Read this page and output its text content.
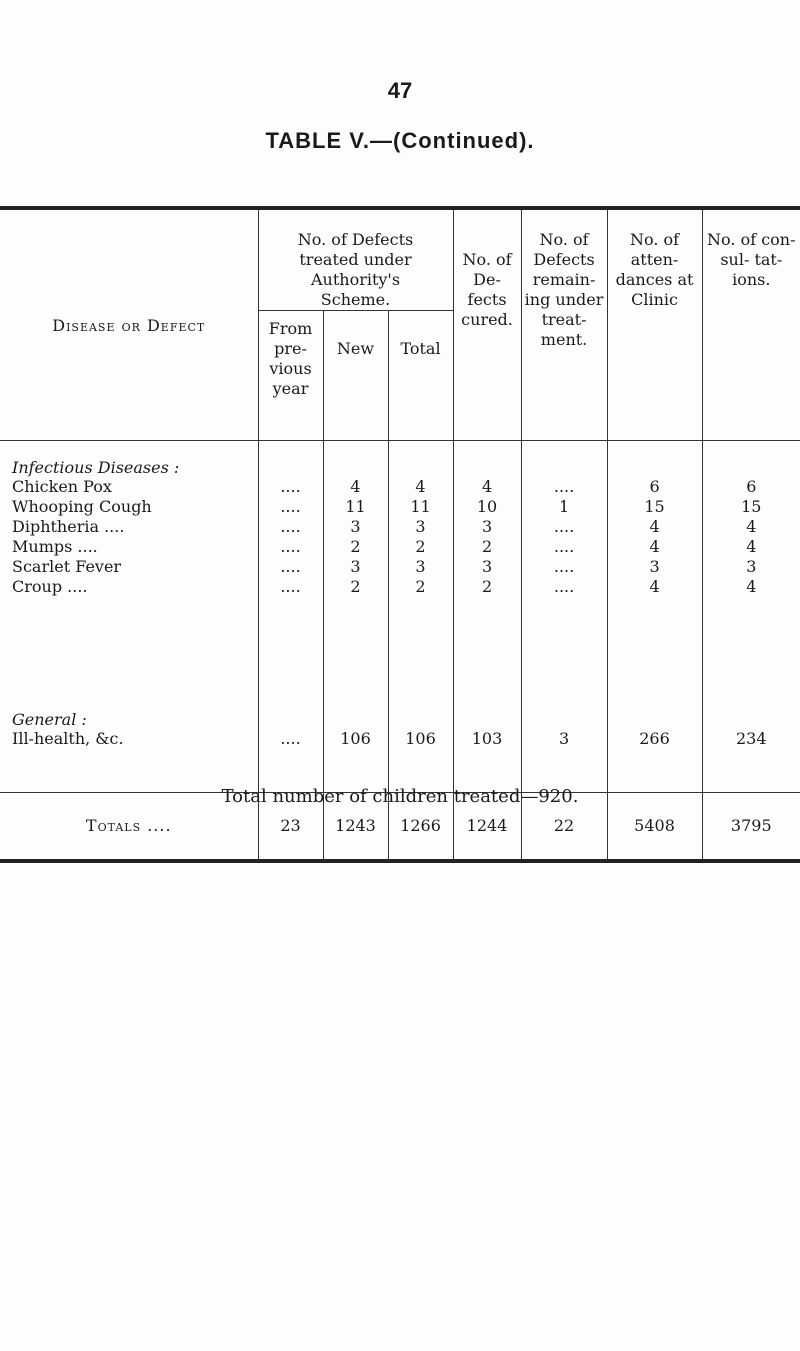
47
TABLE V.—(Continued).
Disease or Defect	No. of Defects treated under Authority's Scheme.			No. of De- fects cured.	No. of Defects remain- ing under treat- ment.	No. of atten- dances at Clinic	No. of con- sul- tat- ions.
	From pre- vious year	New	Total				
Infectious Diseases :							
Chicken Pox	....	4	4	4	....	6	6
Whooping Cough	....	11	11	10	1	15	15
Diphtheria ....	....	3	3	3	....	4	4
Mumps ....	....	2	2	2	....	4	4
Scarlet Fever	....	3	3	3	....	3	3
Croup ....	....	2	2	2	....	4	4
General :							
Ill-health, &c.	....	106	106	103	3	266	234

Totals ....	23	1243	1266	1244	22	5408	3795
Total number of children treated—920.
